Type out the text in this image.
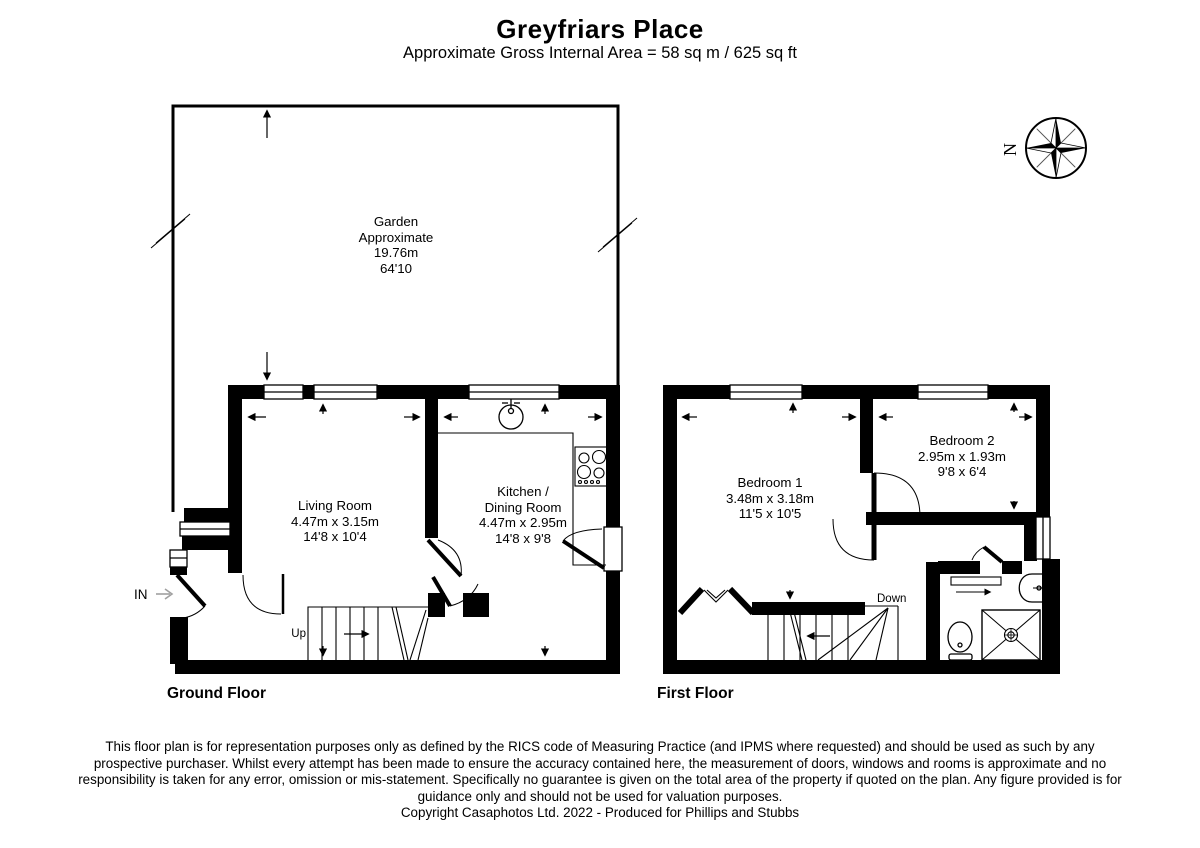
Greyfriars Place
Approximate Gross Internal Area = 58 sq m / 625 sq ft
N
Garden
Approximate
19.76m
64'10
Living Room
4.47m x 3.15m
14'8 x 10'4
Kitchen /
Dining Room
4.47m x 2.95m
14'8 x 9'8
Bedroom 1
3.48m x 3.18m
11'5 x 10'5
Bedroom 2
2.95m x 1.93m
9'8 x 6'4
IN
Up
Down
Ground Floor	First Floor
This floor plan is for representation purposes only as defined by the RICS code of Measuring Practice (and IPMS where requested) and should be used as such by any prospective purchaser. Whilst every attempt has been made to ensure the accuracy contained here, the measurement of doors, windows and rooms is approximate and no responsibility is taken for any error, omission or mis-statement. Specifically no guarantee is given on the total area of the property if quoted on the plan. Any figure provided is for guidance only and should not be used for valuation purposes.
Copyright Casaphotos Ltd. 2022 - Produced for Phillips and Stubbs
